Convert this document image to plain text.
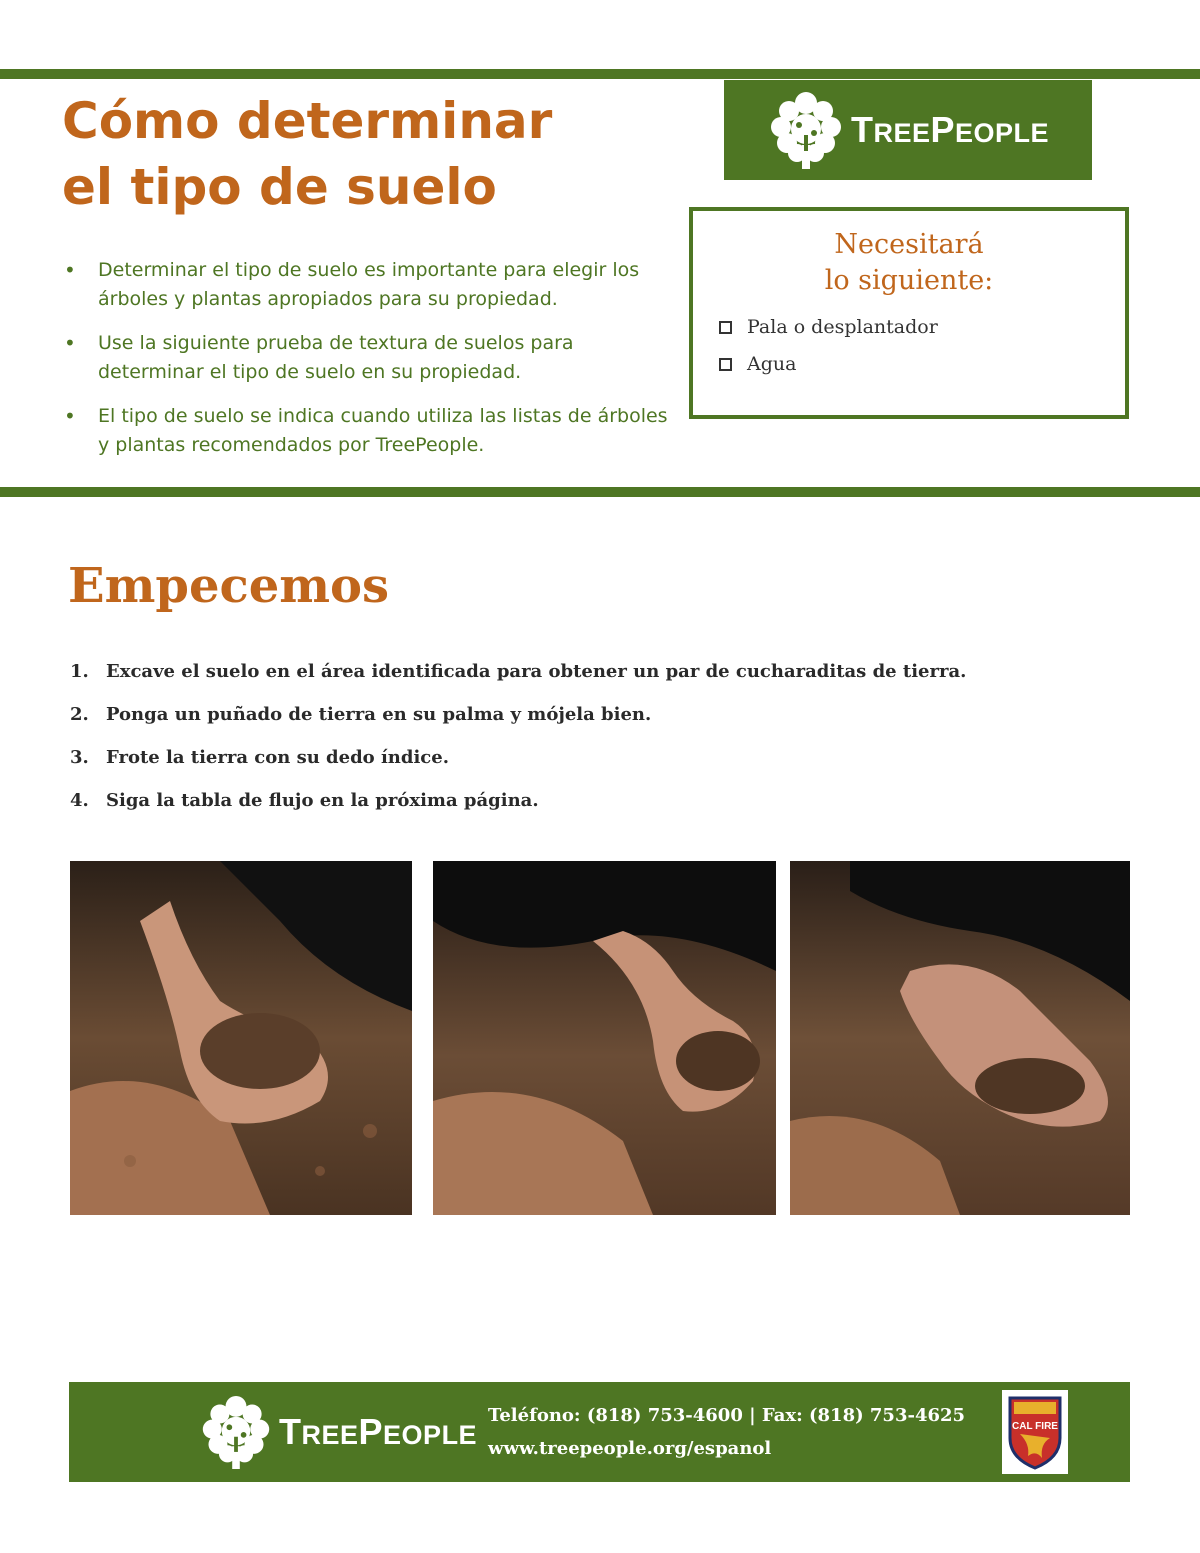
Cómo determinar
el tipo de suelo
• Determinar el tipo de suelo es importante para elegir los árboles y plantas apropiados para su propiedad.
• Use la siguiente prueba de textura de suelos para determinar el tipo de suelo en su propiedad.
• El tipo de suelo se indica cuando utiliza las listas de árboles y plantas recomendados por TreePeople.
TREEPEOPLE
Necesitará
lo siguiente:
Pala o desplantador
Agua
Empecemos
1. Excave el suelo en el área identificada para obtener un par de cucharaditas de tierra.
2. Ponga un puñado de tierra en su palma y mójela bien.
3. Frote la tierra con su dedo índice.
4. Siga la tabla de flujo en la próxima página.
TREEPEOPLE
Teléfono: (818) 753-4600 | Fax: (818) 753-4625
www.treepeople.org/espanol
CAL FIRE
